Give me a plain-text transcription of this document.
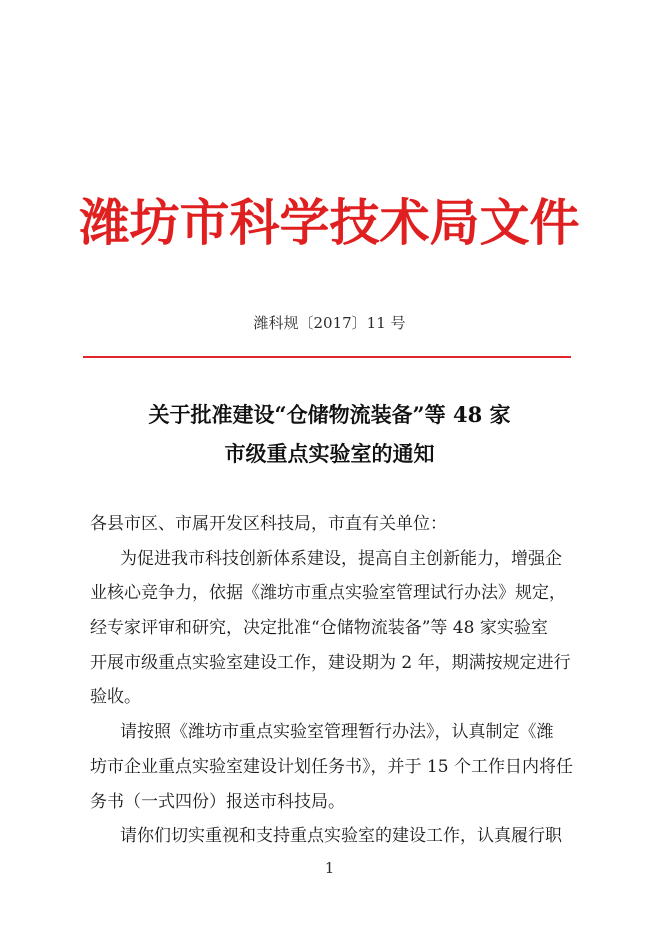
潍坊市科学技术局文件
潍科规〔2017〕11 号
关于批准建设“仓储物流装备”等 48 家
市级重点实验室的通知
各县市区、市属开发区科技局，市直有关单位：
为促进我市科技创新体系建设，提高自主创新能力，增强企
业核心竞争力，依据《潍坊市重点实验室管理试行办法》规定，
经专家评审和研究，决定批准“仓储物流装备”等 48 家实验室
开展市级重点实验室建设工作，建设期为 2 年，期满按规定进行
验收。
请按照《潍坊市重点实验室管理暂行办法》，认真制定《潍
坊市企业重点实验室建设计划任务书》，并于 15 个工作日内将任
务书（一式四份）报送市科技局。
请你们切实重视和支持重点实验室的建设工作，认真履行职
1
